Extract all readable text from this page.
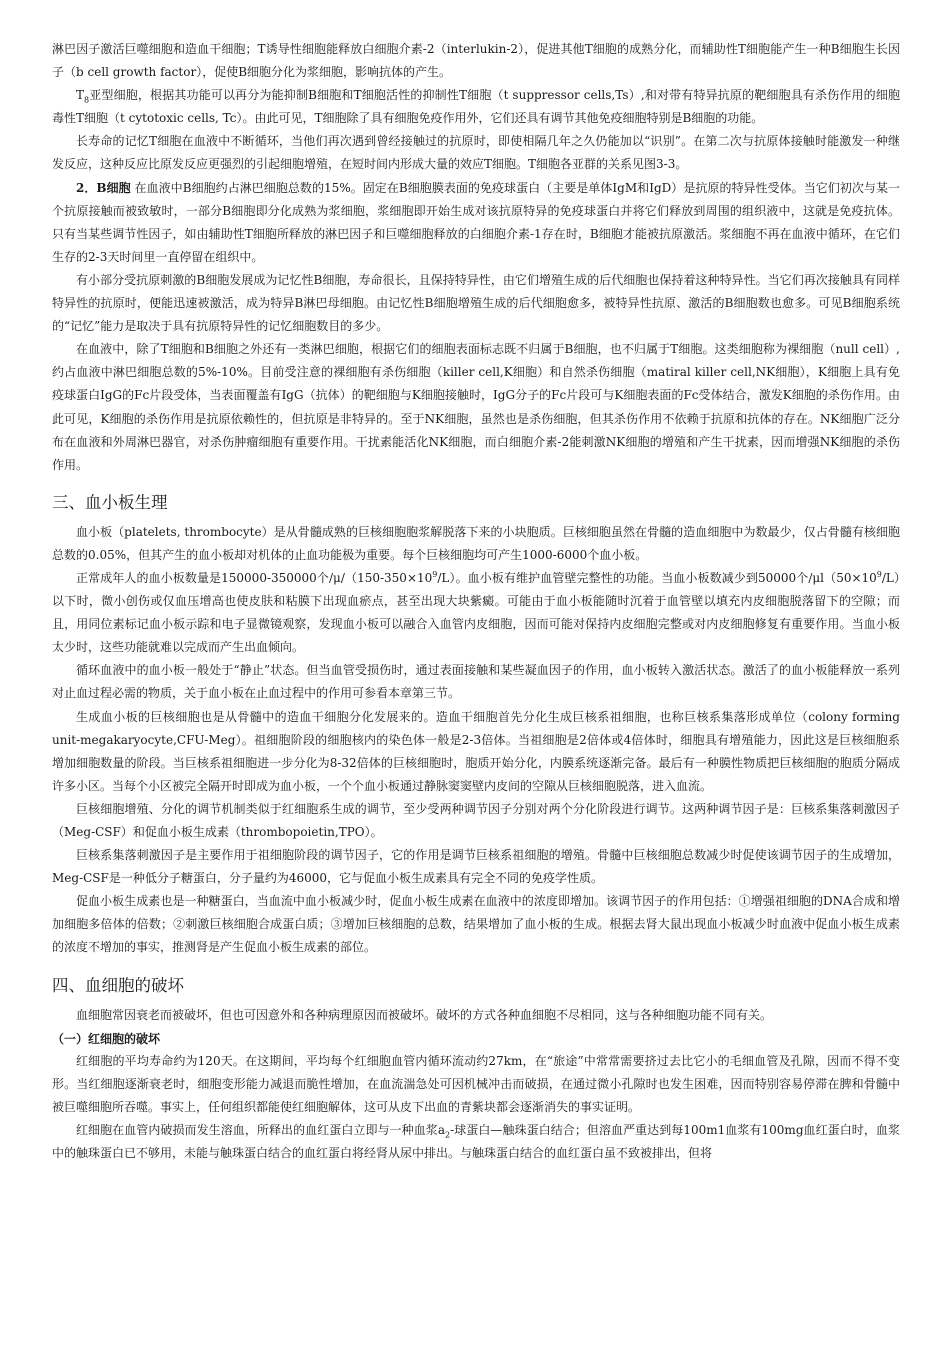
淋巴因子激活巨噬细胞和造血干细胞；T诱导性细胞能释放白细胞介素-2（interlukin-2），促进其他T细胞的成熟分化，而辅助性T细胞能产生一种B细胞生长因子（b cell growth factor），促使B细胞分化为浆细胞，影响抗体的产生。

$T_8$亚型细胞，根据其功能可以再分为能抑制B细胞和T细胞活性的抑制性T细胞（t suppressor cells,Ts）,和对带有特异抗原的靶细胞具有杀伤作用的细胞毒性T细胞（t cytotoxic cells, Tc）。由此可见，T细胞除了具有细胞免疫作用外，它们还具有调节其他免疫细胞特别是B细胞的功能。

长寿命的记忆T细胞在血液中不断循环，当他们再次遇到曾经接触过的抗原时，即使相隔几年之久仍能加以“识别”。在第二次与抗原体接触时能激发一种继发反应，这种反应比原发反应更强烈的引起细胞增殖，在短时间内形成大量的效应T细胞。T细胞各亚群的关系见图3-3。

2．B细胞 在血液中B细胞约占淋巴细胞总数的15%。固定在B细胞膜表面的免疫球蛋白（主要是单体IgM和IgD）是抗原的特异性受体。当它们初次与某一个抗原接触而被致敏时，一部分B细胞即分化成熟为浆细胞，浆细胞即开始生成对该抗原特异的免疫球蛋白并将它们释放到周围的组织液中，这就是免疫抗体。只有当某些调节性因子，如由辅助性T细胞所释放的淋巴因子和巨噬细胞释放的白细胞介素-1存在时，B细胞才能被抗原激活。浆细胞不再在血液中循环，在它们生存的2-3天时间里一直停留在组织中。

有小部分受抗原刺激的B细胞发展成为记忆性B细胞，寿命很长，且保持特异性，由它们增殖生成的后代细胞也保持着这种特异性。当它们再次接触具有同样特异性的抗原时，便能迅速被激活，成为特异B淋巴母细胞。由记忆性B细胞增殖生成的后代细胞愈多，被特异性抗原、激活的B细胞数也愈多。可见B细胞系统的“记忆”能力是取决于具有抗原特异性的记忆细胞数目的多少。

在血液中，除了T细胞和B细胞之外还有一类淋巴细胞，根据它们的细胞表面标志既不归属于B细胞，也不归属于T细胞。这类细胞称为裸细胞（null cell）,约占血液中淋巴细胞总数的5%-10%。目前受注意的裸细胞有杀伤细胞（killer cell,K细胞）和自然杀伤细胞（matiral killer cell,NK细胞），K细胞上具有免疫球蛋白IgG的Fc片段受体，当表面覆盖有IgG（抗体）的靶细胞与K细胞接触时，IgG分子的Fc片段可与K细胞表面的Fc受体结合，激发K细胞的杀伤作用。由此可见，K细胞的杀伤作用是抗原依赖性的，但抗原是非特异的。至于NK细胞，虽然也是杀伤细胞，但其杀伤作用不依赖于抗原和抗体的存在。NK细胞广泛分布在血液和外周淋巴器官，对杀伤肿瘤细胞有重要作用。干扰素能活化NK细胞，而白细胞介素-2能刺激NK细胞的增殖和产生干扰素，因而增强NK细胞的杀伤作用。

三、血小板生理

血小板（platelets, thrombocyte）是从骨髓成熟的巨核细胞胞浆解脱落下来的小块胞质。巨核细胞虽然在骨髓的造血细胞中为数最少，仅占骨髓有核细胞总数的0.05%，但其产生的血小板却对机体的止血功能极为重要。每个巨核细胞均可产生1000-6000个血小板。

正常成年人的血小板数量是150000-350000个$/\mu/(150-350\times 10^9/L)$。血小板有维护血管壁完整性的功能。当血小板数减少到50000个$/\mu l(50\times 10^9/L)$以下时，微小创伤或仅血压增高也使皮肤和粘膜下出现血瘀点，甚至出现大块紫癜。可能由于血小板能随时沉着于血管壁以填充内皮细胞脱落留下的空隙；而且，用同位素标记血小板示踪和电子显微镜观察，发现血小板可以融合入血管内皮细胞，因而可能对保持内皮细胞完整或对内皮细胞修复有重要作用。当血小板太少时，这些功能就难以完成而产生出血倾向。

循环血液中的血小板一般处于“静止”状态。但当血管受损伤时，通过表面接触和某些凝血因子的作用，血小板转入激活状态。激活了的血小板能释放一系列对止血过程必需的物质，关于血小板在止血过程中的作用可参看本章第三节。

生成血小板的巨核细胞也是从骨髓中的造血干细胞分化发展来的。造血干细胞首先分化生成巨核系祖细胞，也称巨核系集落形成单位（colony forming unit-megakaryocyte,CFU-Meg）。祖细胞阶段的细胞核内的染色体一般是2-3倍体。当祖细胞是2倍体或4倍体时，细胞具有增殖能力，因此这是巨核细胞系增加细胞数量的阶段。当巨核系祖细胞进一步分化为8-32倍体的巨核细胞时，胞质开始分化，内膜系统逐渐完备。最后有一种膜性物质把巨核细胞的胞质分隔成许多小区。当每个小区被完全隔开时即成为血小板，一个个血小板通过静脉窦窦壁内皮间的空隙从巨核细胞脱落，进入血流。

巨核细胞增殖、分化的调节机制类似于红细胞系生成的调节，至少受两种调节因子分别对两个分化阶段进行调节。这两种调节因子是：巨核系集落刺激因子（Meg-CSF）和促血小板生成素（thrombopoietin,TPO）。

巨核系集落刺激因子是主要作用于祖细胞阶段的调节因子，它的作用是调节巨核系祖细胞的增殖。骨髓中巨核细胞总数减少时促使该调节因子的生成增加，Meg-CSF是一种低分子糖蛋白，分子量约为46000，它与促血小板生成素具有完全不同的免疫学性质。

促血小板生成素也是一种糖蛋白，当血流中血小板减少时，促血小板生成素在血液中的浓度即增加。该调节因子的作用包括：①增强祖细胞的DNA合成和增加细胞多倍体的倍数；②刺激巨核细胞合成蛋白质；③增加巨核细胞的总数，结果增加了血小板的生成。根据去肾大鼠出现血小板减少时血液中促血小板生成素的浓度不增加的事实，推测肾是产生促血小板生成素的部位。

四、血细胞的破坏

血细胞常因衰老而被破坏，但也可因意外和各种病理原因而被破坏。破坏的方式各种血细胞不尽相同，这与各种细胞功能不同有关。

（一）红细胞的破坏

红细胞的平均寿命约为120天。在这期间，平均每个红细胞血管内循环流动约27km，在“旅途”中常常需要挤过去比它小的毛细血管及孔隙，因而不得不变形。当红细胞逐渐衰老时，细胞变形能力减退而脆性增加，在血流湍急处可因机械冲击而破损，在通过微小孔隙时也发生困难，因而特别容易停滞在脾和骨髓中被巨噬细胞所吞噬。事实上，任何组织都能使红细胞解体，这可从皮下出血的青紫块都会逐渐消失的事实证明。

红细胞在血管内破损而发生溶血，所释出的血红蛋白立即与一种血浆$a_2-$球蛋白—触珠蛋白结合；但溶血严重达到每100m1血浆有100mg血红蛋白时，血浆中的触珠蛋白已不够用，未能与触珠蛋白结合的血红蛋白将经肾从尿中排出。与触珠蛋白结合的血红蛋白虽不致被排出，但将
